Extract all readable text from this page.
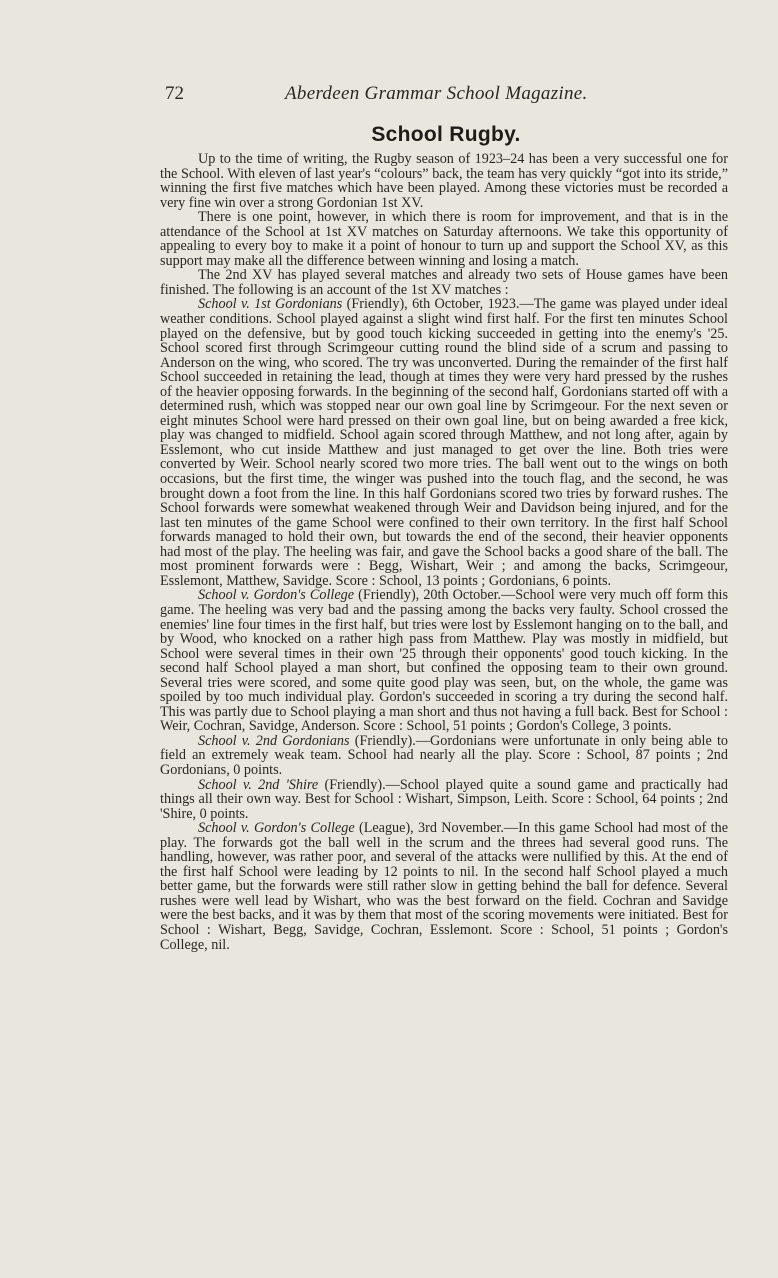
72	Aberdeen Grammar School Magazine.
School Rugby.

Up to the time of writing, the Rugby season of 1923–24 has been a very successful one for the School. With eleven of last year's “colours” back, the team has very quickly “got into its stride,” winning the first five matches which have been played. Among these victories must be recorded a very fine win over a strong Gordonian 1st XV.

There is one point, however, in which there is room for improvement, and that is in the attendance of the School at 1st XV matches on Saturday afternoons. We take this opportunity of appealing to every boy to make it a point of honour to turn up and support the School XV, as this support may make all the difference between winning and losing a match.

The 2nd XV has played several matches and already two sets of House games have been finished. The following is an account of the 1st XV matches :

School v. 1st Gordonians (Friendly), 6th October, 1923.—The game was played under ideal weather conditions. School played against a slight wind first half. For the first ten minutes School played on the defensive, but by good touch kicking succeeded in getting into the enemy's '25. School scored first through Scrimgeour cutting round the blind side of a scrum and passing to Anderson on the wing, who scored. The try was unconverted. During the remainder of the first half School succeeded in retaining the lead, though at times they were very hard pressed by the rushes of the heavier opposing forwards. In the beginning of the second half, Gordonians started off with a determined rush, which was stopped near our own goal line by Scrimgeour. For the next seven or eight minutes School were hard pressed on their own goal line, but on being awarded a free kick, play was changed to midfield. School again scored through Matthew, and not long after, again by Esslemont, who cut inside Matthew and just managed to get over the line. Both tries were converted by Weir. School nearly scored two more tries. The ball went out to the wings on both occasions, but the first time, the winger was pushed into the touch flag, and the second, he was brought down a foot from the line. In this half Gordonians scored two tries by forward rushes. The School forwards were somewhat weakened through Weir and Davidson being injured, and for the last ten minutes of the game School were confined to their own territory. In the first half School forwards managed to hold their own, but towards the end of the second, their heavier opponents had most of the play. The heeling was fair, and gave the School backs a good share of the ball. The most prominent forwards were : Begg, Wishart, Weir ; and among the backs, Scrimgeour, Esslemont, Matthew, Savidge. Score : School, 13 points ; Gordonians, 6 points.

School v. Gordon's College (Friendly), 20th October.—School were very much off form this game. The heeling was very bad and the passing among the backs very faulty. School crossed the enemies' line four times in the first half, but tries were lost by Esslemont hanging on to the ball, and by Wood, who knocked on a rather high pass from Matthew. Play was mostly in midfield, but School were several times in their own '25 through their opponents' good touch kicking. In the second half School played a man short, but confined the opposing team to their own ground. Several tries were scored, and some quite good play was seen, but, on the whole, the game was spoiled by too much individual play. Gordon's succeeded in scoring a try during the second half. This was partly due to School playing a man short and thus not having a full back. Best for School : Weir, Cochran, Savidge, Anderson. Score : School, 51 points ; Gordon's College, 3 points.

School v. 2nd Gordonians (Friendly).—Gordonians were unfortunate in only being able to field an extremely weak team. School had nearly all the play. Score : School, 87 points ; 2nd Gordonians, 0 points.

School v. 2nd 'Shire (Friendly).—School played quite a sound game and practically had things all their own way. Best for School : Wishart, Simpson, Leith. Score : School, 64 points ; 2nd 'Shire, 0 points.

School v. Gordon's College (League), 3rd November.—In this game School had most of the play. The forwards got the ball well in the scrum and the threes had several good runs. The handling, however, was rather poor, and several of the attacks were nullified by this. At the end of the first half School were leading by 12 points to nil. In the second half School played a much better game, but the forwards were still rather slow in getting behind the ball for defence. Several rushes were well lead by Wishart, who was the best forward on the field. Cochran and Savidge were the best backs, and it was by them that most of the scoring movements were initiated. Best for School : Wishart, Begg, Savidge, Cochran, Esslemont. Score : School, 51 points ; Gordon's College, nil.
